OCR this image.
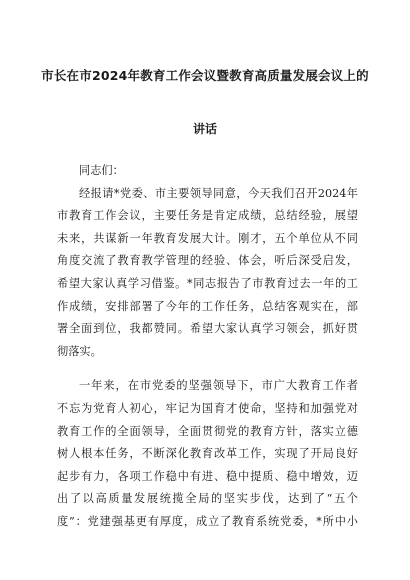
市长在市2024年教育工作会议暨教育高质量发展会议上的
讲话
同志们：
经报请*党委、市主要领导同意，今天我们召开2024年
市教育工作会议，主要任务是肯定成绩，总结经验，展望
未来，共谋新一年教育发展大计。刚才，五个单位从不同
角度交流了教育教学管理的经验、体会，听后深受启发，
希望大家认真学习借鉴。*同志报告了市教育过去一年的工
作成绩，安排部署了今年的工作任务，总结客观实在，部
署全面到位，我都赞同。希望大家认真学习领会，抓好贯
彻落实。
一年来，在市党委的坚强领导下，市广大教育工作者
不忘为党育人初心，牢记为国育才使命，坚持和加强党对
教育工作的全面领导，全面贯彻党的教育方针，落实立德
树人根本任务，不断深化教育改革工作，实现了开局良好
起步有力，各项工作稳中有进、稳中提质、稳中增效，迈
出了以高质量发展统揽全局的坚实步伐，达到了“五个
度”：党建强基更有厚度，成立了教育系统党委，*所中小
